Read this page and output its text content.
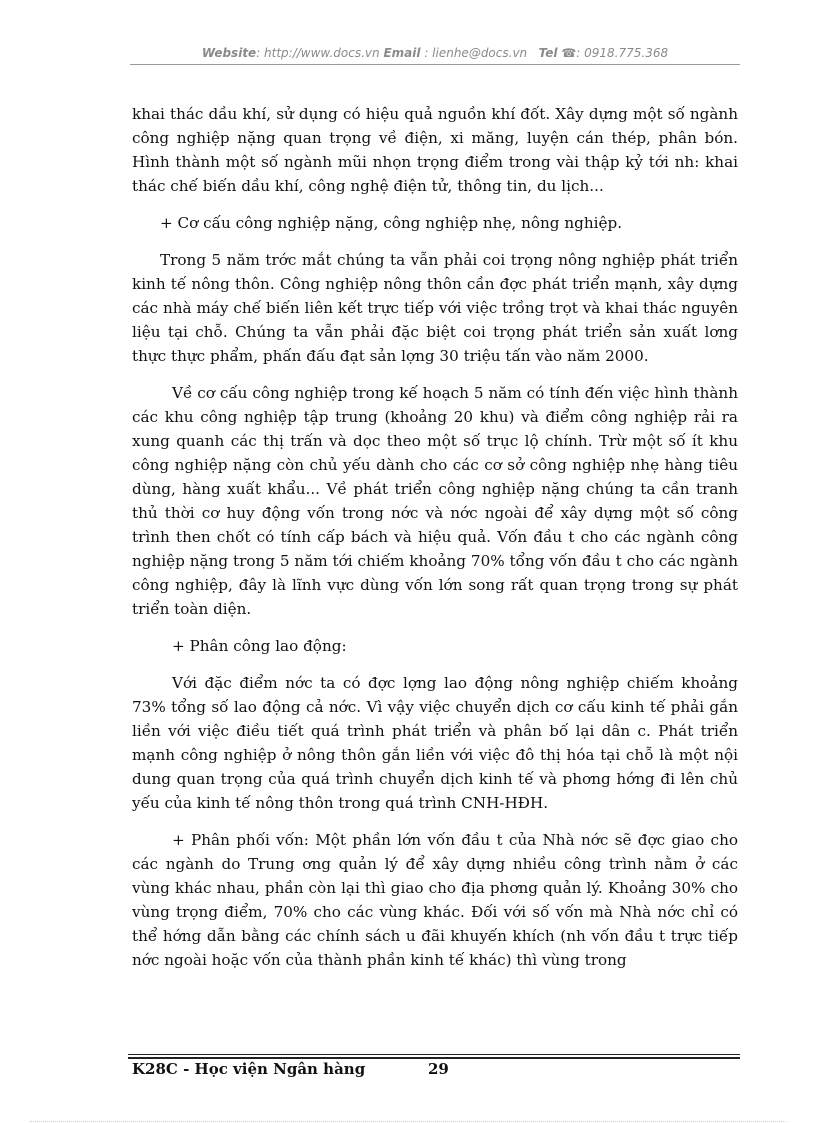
Website: http://www.docs.vn Email : lienhe@docs.vn Tel ☎: 0918.775.368

khai thác dầu khí, sử dụng có hiệu quả nguồn khí đốt. Xây dựng một số ngành công nghiệp nặng quan trọng về điện, xi măng, luyện cán thép, phân bón. Hình thành một số ngành mũi nhọn trọng điểm trong vài thập kỷ tới nh: khai thác chế biến dầu khí, công nghệ điện tử, thông tin, du lịch...

+ Cơ cấu công nghiệp nặng, công nghiệp nhẹ, nông nghiệp.

Trong 5 năm trớc mắt chúng ta vẫn phải coi trọng nông nghiệp phát triển kinh tế nông thôn. Công nghiệp nông thôn cần đợc phát triển mạnh, xây dựng các nhà máy chế biến liên kết trực tiếp với việc trồng trọt và khai thác nguyên liệu tại chỗ. Chúng ta vẫn phải đặc biệt coi trọng phát triển sản xuất lơng thực thực phẩm, phấn đấu đạt sản lợng 30 triệu tấn vào năm 2000.

Về cơ cấu công nghiệp trong kế hoạch 5 năm có tính đến việc hình thành các khu công nghiệp tập trung (khoảng 20 khu) và điểm công nghiệp rải ra xung quanh các thị trấn và dọc theo một số trục lộ chính. Trừ một số ít khu công nghiệp nặng còn chủ yếu dành cho các cơ sở công nghiệp nhẹ hàng tiêu dùng, hàng xuất khẩu... Về phát triển công nghiệp nặng chúng ta cần tranh thủ thời cơ huy động vốn trong nớc và nớc ngoài để xây dựng một số công trình then chốt có tính cấp bách và hiệu quả. Vốn đầu t cho các ngành công nghiệp nặng trong 5 năm tới chiếm khoảng 70% tổng vốn đầu t cho các ngành công nghiệp, đây là lĩnh vực dùng vốn lớn song rất quan trọng trong sự phát triển toàn diện.

+ Phân công lao động:

Với đặc điểm nớc ta có đợc lợng lao động nông nghiệp chiếm khoảng 73% tổng số lao động cả nớc. Vì vậy việc chuyển dịch cơ cấu kinh tế phải gắn liền với việc điều tiết quá trình phát triển và phân bố lại dân c. Phát triển mạnh công nghiệp ở nông thôn gắn liền với việc đô thị hóa tại chỗ là một nội dung quan trọng của quá trình chuyển dịch kinh tế và phơng hớng đi lên chủ yếu của kinh tế nông thôn trong quá trình CNH-HĐH.

+ Phân phối vốn: Một phần lớn vốn đầu t của Nhà nớc sẽ đợc giao cho các ngành do Trung ơng quản lý để xây dựng nhiều công trình nằm ở các vùng khác nhau, phần còn lại thì giao cho địa phơng quản lý. Khoảng 30% cho vùng trọng điểm, 70% cho các vùng khác. Đối với số vốn mà Nhà nớc chỉ có thể hớng dẫn bằng các chính sách u đãi khuyến khích (nh vốn đầu t trực tiếp nớc ngoài hoặc vốn của thành phần kinh tế khác) thì vùng trong

K28C - Học viện Ngân hàng	29
